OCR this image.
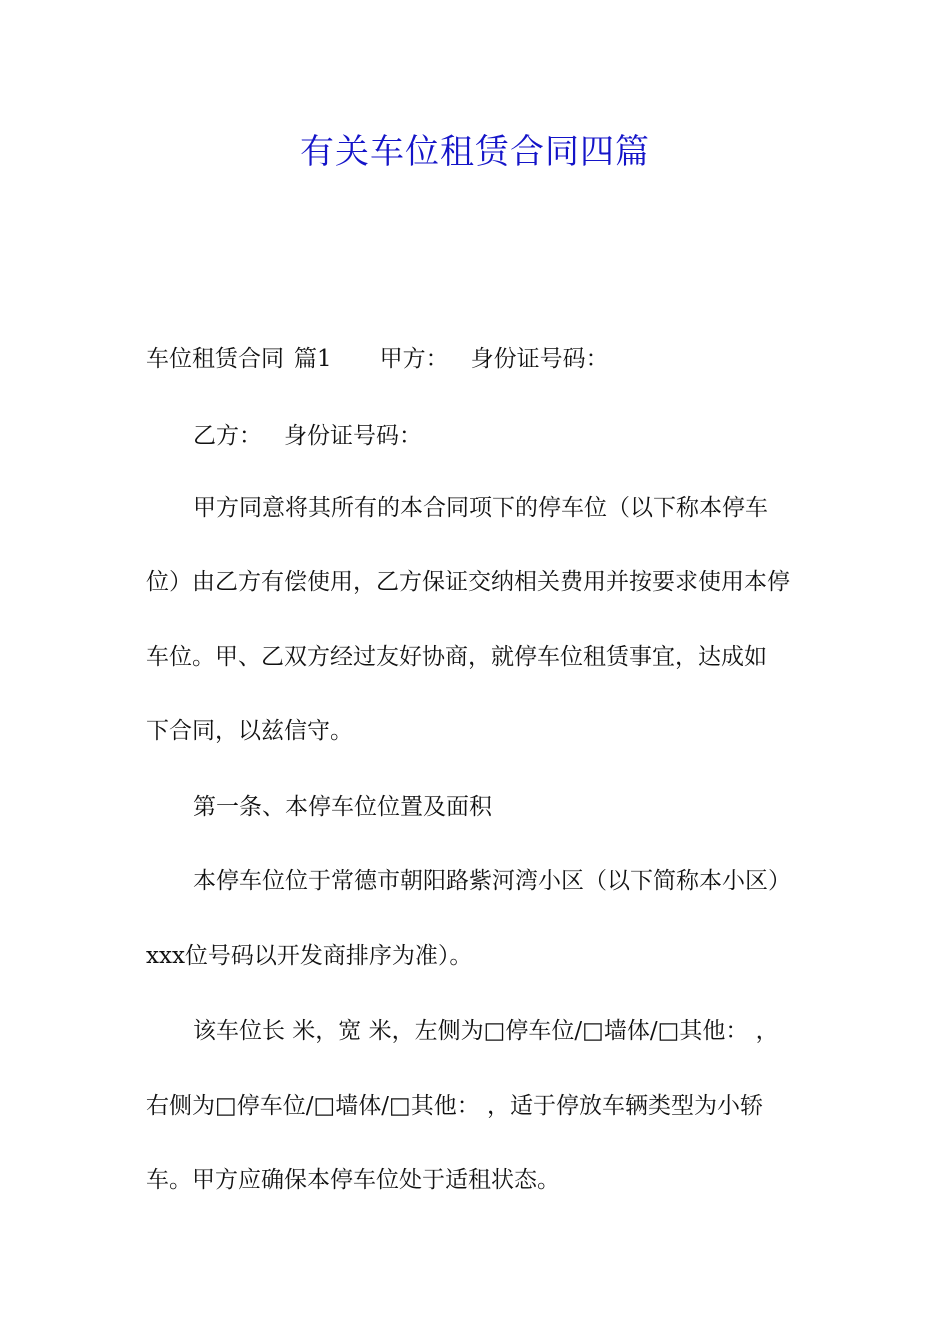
有关车位租赁合同四篇

车位租赁合同 篇1 甲方： 身份证号码：

乙方： 身份证号码：

甲方同意将其所有的本合同项下的停车位（以下称本停车

位）由乙方有偿使用，乙方保证交纳相关费用并按要求使用本停

车位。甲、乙双方经过友好协商，就停车位租赁事宜，达成如

下合同，以兹信守。

第一条、本停车位位置及面积

本停车位位于常德市朝阳路紫河湾小区（以下简称本小区）

xxx位号码以开发商排序为准）。

该车位长 米，宽 米，左侧为□停车位/□墙体/□其他： ，

右侧为□停车位/□墙体/□其他： ，适于停放车辆类型为小轿

车。甲方应确保本停车位处于适租状态。
